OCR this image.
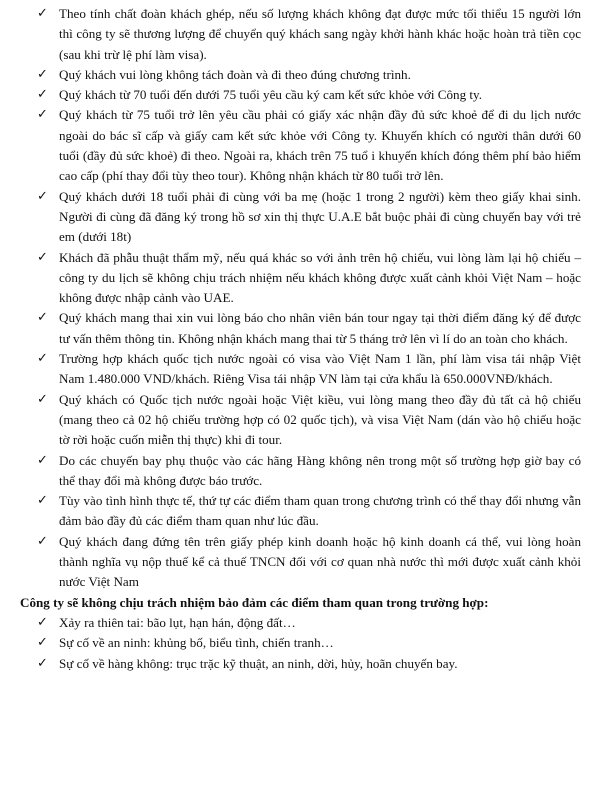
✓ Theo tính chất đoàn khách ghép, nếu số lượng khách không đạt được mức tối thiểu 15 người lớn thì công ty sẽ thương lượng để chuyển quý khách sang ngày khởi hành khác hoặc hoàn trả tiền cọc (sau khi trừ lệ phí làm visa).
✓ Quý khách vui lòng không tách đoàn và đi theo đúng chương trình.
✓ Quý khách từ 70 tuổi đến dưới 75 tuổi yêu cầu ký cam kết sức khỏe với Công ty.
✓ Quý khách từ 75 tuổi trở lên yêu cầu phải có giấy xác nhận đầy đủ sức khoẻ để đi du lịch nước ngoài do bác sĩ cấp và giấy cam kết sức khỏe với Công ty. Khuyến khích có người thân dưới 60 tuổi (đầy đủ sức khoẻ) đi theo. Ngoài ra, khách trên 75 tuổ i khuyến khích đóng thêm phí bảo hiểm cao cấp (phí thay đổi tùy theo tour). Không nhận khách từ 80 tuổi trở lên.
✓ Quý khách dưới 18 tuổi phải đi cùng với ba mẹ (hoặc 1 trong 2 người) kèm theo giấy khai sinh. Người đi cùng đã đăng ký trong hồ sơ xin thị thực U.A.E bắt buộc phải đi cùng chuyến bay với trẻ em (dưới 18t)
✓ Khách đã phẫu thuật thẩm mỹ, nếu quá khác so với ảnh trên hộ chiếu, vui lòng làm lại hộ chiếu – công ty du lịch sẽ không chịu trách nhiệm nếu khách không được xuất cảnh khỏi Việt Nam – hoặc không được nhập cảnh vào UAE.
✓ Quý khách mang thai xin vui lòng báo cho nhân viên bán tour ngay tại thời điểm đăng ký để được tư vấn thêm thông tin. Không nhận khách mang thai từ 5 tháng trở lên vì lí do an toàn cho khách.
✓ Trường hợp khách quốc tịch nước ngoài có visa vào Việt Nam 1 lần, phí làm visa tái nhập Việt Nam 1.480.000 VND/khách. Riêng Visa tái nhập VN làm tại cửa khẩu là 650.000VNĐ/khách.
✓ Quý khách có Quốc tịch nước ngoài hoặc Việt kiều, vui lòng mang theo đầy đủ tất cả hộ chiếu (mang theo cả 02 hộ chiếu trường hợp có 02 quốc tịch), và visa Việt Nam (dán vào hộ chiếu hoặc tờ rời hoặc cuốn miễn thị thực) khi đi tour.
✓ Do các chuyến bay phụ thuộc vào các hãng Hàng không nên trong một số trường hợp giờ bay có thể thay đổi mà không được báo trước.
✓ Tùy vào tình hình thực tế, thứ tự các điểm tham quan trong chương trình có thể thay đổi nhưng vẫn đảm bảo đầy đủ các điểm tham quan như lúc đầu.
✓ Quý khách đang đứng tên trên giấy phép kinh doanh hoặc hộ kinh doanh cá thể, vui lòng hoàn thành nghĩa vụ nộp thuế kể cả thuế TNCN đối với cơ quan nhà nước thì mới được xuất cảnh khỏi nước Việt Nam

Công ty sẽ không chịu trách nhiệm bảo đảm các điểm tham quan trong trường hợp:

✓ Xảy ra thiên tai: bão lụt, hạn hán, động đất…
✓ Sự cố về an ninh: khủng bố, biểu tình, chiến tranh…
✓ Sự cố về hàng không: trục trặc kỹ thuật, an ninh, dời, hủy, hoãn chuyến bay.
